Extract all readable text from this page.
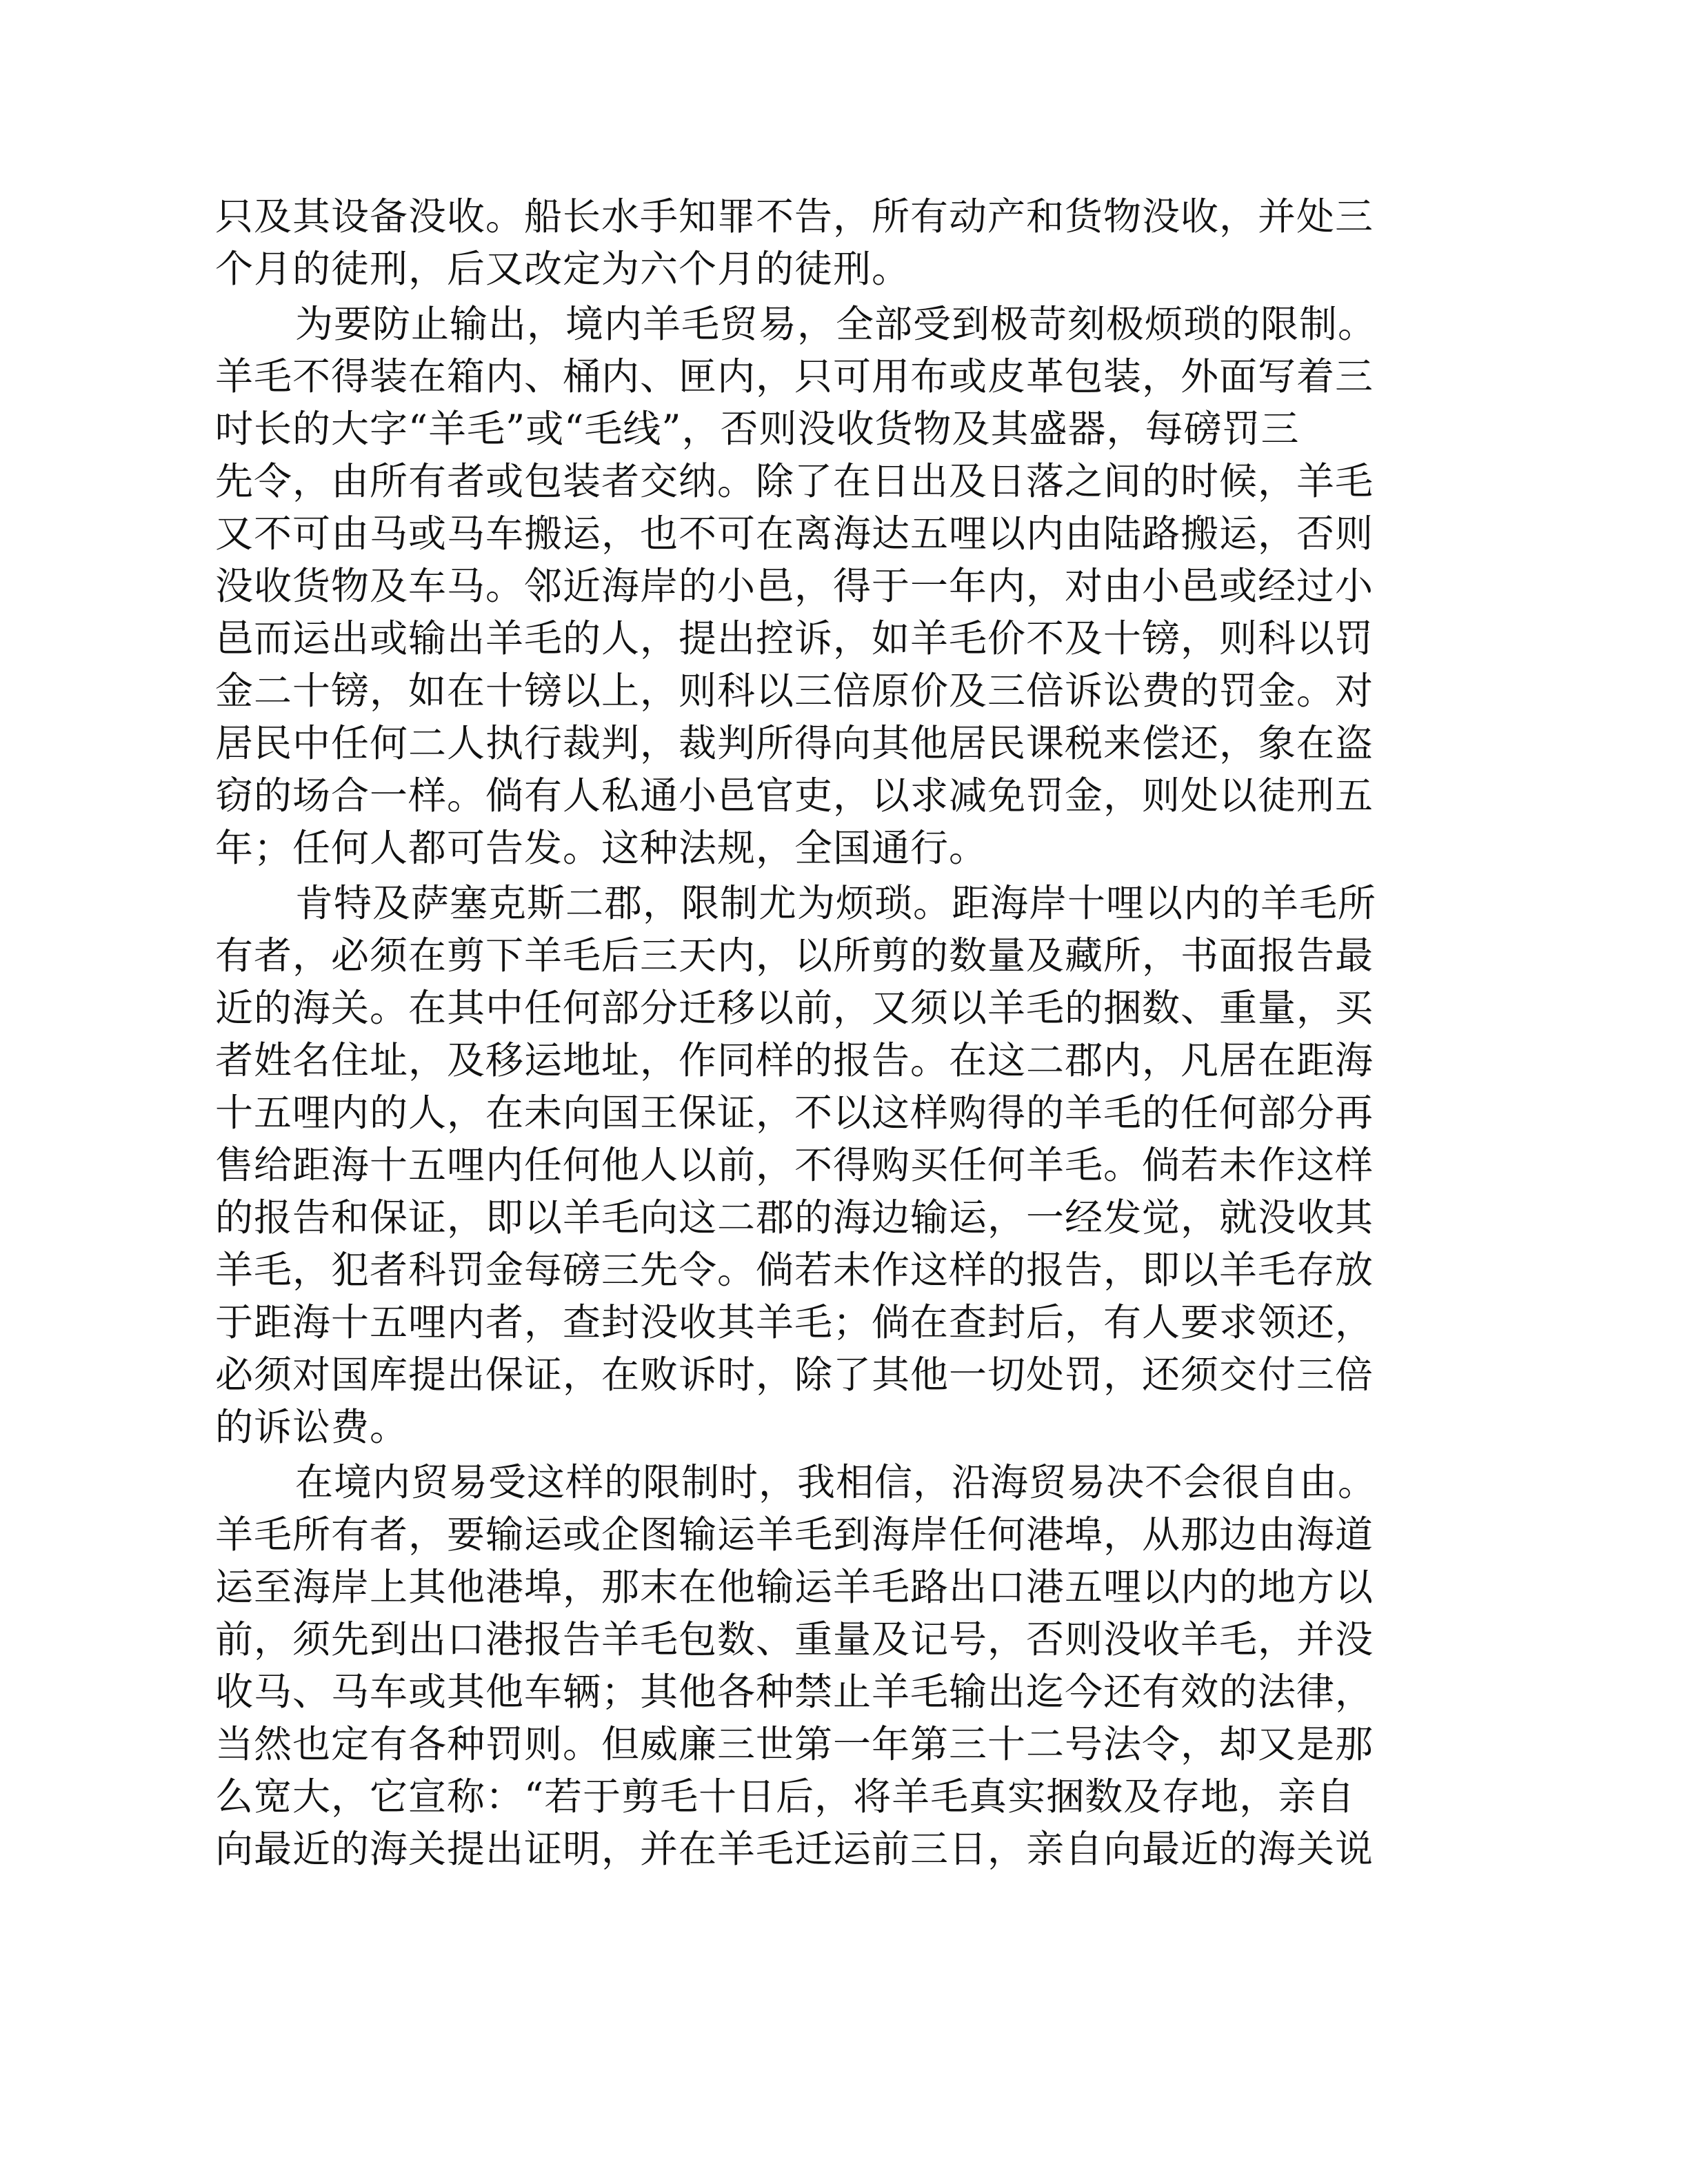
只及其设备没收。船长水手知罪不告，所有动产和货物没收，并处三
个月的徒刑，后又改定为六个月的徒刑。
为要防止输出，境内羊毛贸易，全部受到极苛刻极烦琐的限制。
羊毛不得装在箱内、桶内、匣内，只可用布或皮革包装，外面写着三
吋长的大字“羊毛”或“毛线”，否则没收货物及其盛器，每磅罚三
先令，由所有者或包装者交纳。除了在日出及日落之间的时候，羊毛
又不可由马或马车搬运，也不可在离海达五哩以内由陆路搬运，否则
没收货物及车马。邻近海岸的小邑，得于一年内，对由小邑或经过小
邑而运出或输出羊毛的人，提出控诉，如羊毛价不及十镑，则科以罚
金二十镑，如在十镑以上，则科以三倍原价及三倍诉讼费的罚金。对
居民中任何二人执行裁判，裁判所得向其他居民课税来偿还，象在盗
窃的场合一样。倘有人私通小邑官吏，以求减免罚金，则处以徒刑五
年；任何人都可告发。这种法规，全国通行。
肯特及萨塞克斯二郡，限制尤为烦琐。距海岸十哩以内的羊毛所
有者，必须在剪下羊毛后三天内，以所剪的数量及藏所，书面报告最
近的海关。在其中任何部分迁移以前，又须以羊毛的捆数、重量，买
者姓名住址，及移运地址，作同样的报告。在这二郡内，凡居在距海
十五哩内的人，在未向国王保证，不以这样购得的羊毛的任何部分再
售给距海十五哩内任何他人以前，不得购买任何羊毛。倘若未作这样
的报告和保证，即以羊毛向这二郡的海边输运，一经发觉，就没收其
羊毛，犯者科罚金每磅三先令。倘若未作这样的报告，即以羊毛存放
于距海十五哩内者，查封没收其羊毛；倘在查封后，有人要求领还，
必须对国库提出保证，在败诉时，除了其他一切处罚，还须交付三倍
的诉讼费。
在境内贸易受这样的限制时，我相信，沿海贸易决不会很自由。
羊毛所有者，要输运或企图输运羊毛到海岸任何港埠，从那边由海道
运至海岸上其他港埠，那末在他输运羊毛路出口港五哩以内的地方以
前，须先到出口港报告羊毛包数、重量及记号，否则没收羊毛，并没
收马、马车或其他车辆；其他各种禁止羊毛输出迄今还有效的法律，
当然也定有各种罚则。但威廉三世第一年第三十二号法令，却又是那
么宽大，它宣称：“若于剪毛十日后，将羊毛真实捆数及存地，亲自
向最近的海关提出证明，并在羊毛迁运前三日，亲自向最近的海关说
